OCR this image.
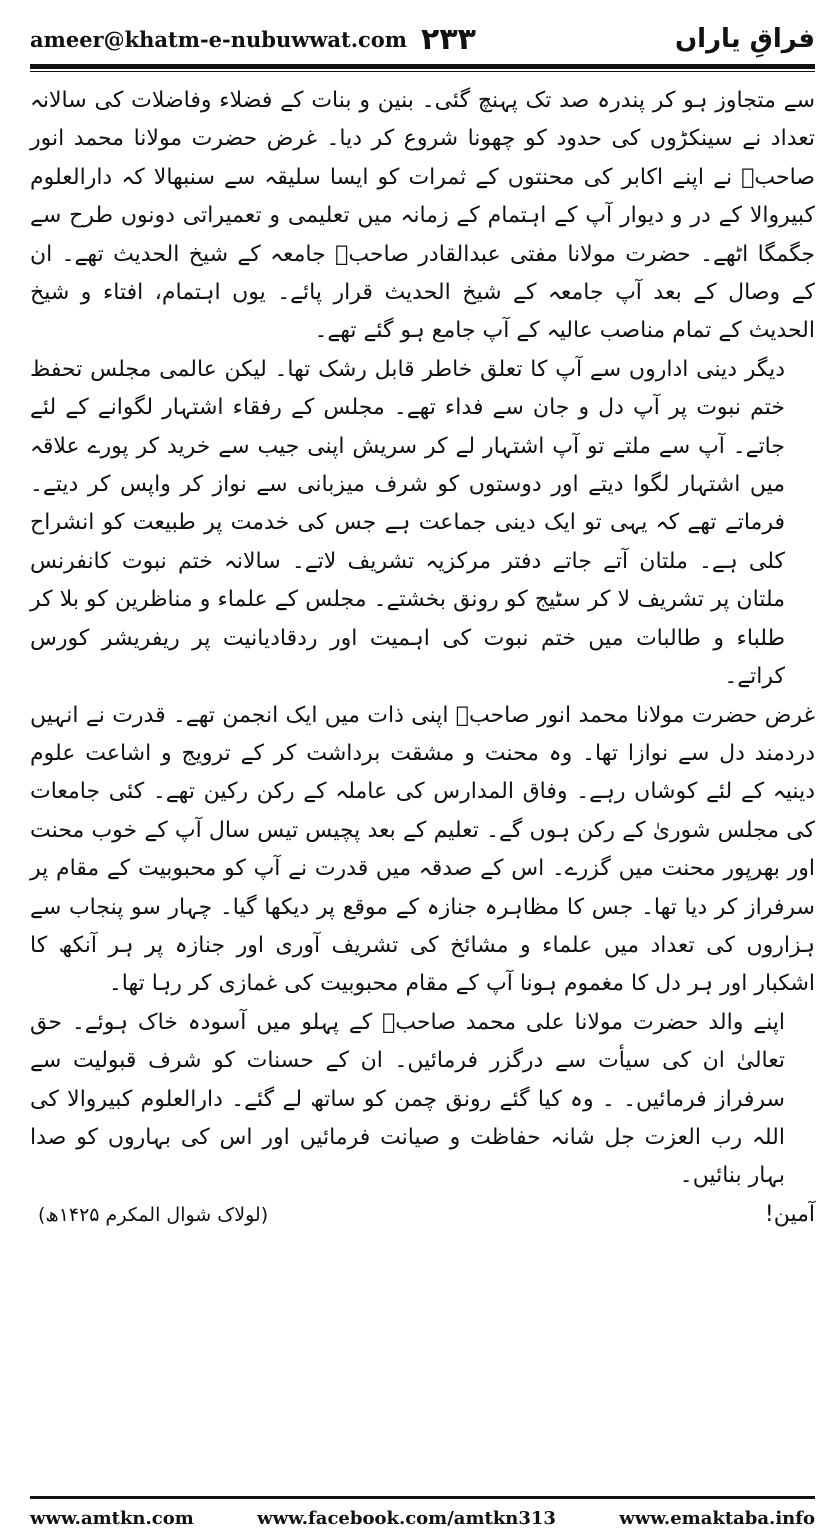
ameer@khatm-e-nubuwwat.com ۲۳۳	فراقِ یاراں

سے متجاوز ہو کر پندرہ صد تک پہنچ گئی۔ بنین و بنات کے فضلاء وفاضلات کی سالانہ تعداد نے سینکڑوں کی حدود کو چھونا شروع کر دیا۔ غرض حضرت مولانا محمد انور صاحبؒ نے اپنے اکابر کی محنتوں کے ثمرات کو ایسا سلیقہ سے سنبھالا کہ دارالعلوم کبیروالا کے در و دیوار آپ کے اہتمام کے زمانہ میں تعلیمی و تعمیراتی دونوں طرح سے جگمگا اٹھے۔ حضرت مولانا مفتی عبدالقادر صاحبؒ جامعہ کے شیخ الحدیث تھے۔ ان کے وصال کے بعد آپ جامعہ کے شیخ الحدیث قرار پائے۔ یوں اہتمام، افتاء و شیخ الحدیث کے تمام مناصب عالیہ کے آپ جامع ہو گئے تھے۔

دیگر دینی اداروں سے آپ کا تعلق خاطر قابل رشک تھا۔ لیکن عالمی مجلس تحفظ ختم نبوت پر آپ دل و جان سے فداء تھے۔ مجلس کے رفقاء اشتہار لگوانے کے لئے جاتے۔ آپ سے ملتے تو آپ اشتہار لے کر سریش اپنی جیب سے خرید کر پورے علاقہ میں اشتہار لگوا دیتے اور دوستوں کو شرف میزبانی سے نواز کر واپس کر دیتے۔ فرماتے تھے کہ یہی تو ایک دینی جماعت ہے جس کی خدمت پر طبیعت کو انشراح کلی ہے۔ ملتان آتے جاتے دفتر مرکزیہ تشریف لاتے۔ سالانہ ختم نبوت کانفرنس ملتان پر تشریف لا کر سٹیج کو رونق بخشتے۔ مجلس کے علماء و مناظرین کو بلا کر طلباء و طالبات میں ختم نبوت کی اہمیت اور ردقادیانیت پر ریفریشر کورس کراتے۔

غرض حضرت مولانا محمد انور صاحبؒ اپنی ذات میں ایک انجمن تھے۔ قدرت نے انہیں دردمند دل سے نوازا تھا۔ وہ محنت و مشقت برداشت کر کے ترویج و اشاعت علوم دینیہ کے لئے کوشاں رہے۔ وفاق المدارس کی عاملہ کے رکن رکین تھے۔ کئی جامعات کی مجلس شوریٰ کے رکن ہوں گے۔ تعلیم کے بعد پچیس تیس سال آپ کے خوب محنت اور بھرپور محنت میں گزرے۔ اس کے صدقہ میں قدرت نے آپ کو محبوبیت کے مقام پر سرفراز کر دیا تھا۔ جس کا مظاہرہ جنازہ کے موقع پر دیکھا گیا۔ چہار سو پنجاب سے ہزاروں کی تعداد میں علماء و مشائخ کی تشریف آوری اور جنازہ پر ہر آنکھ کا اشکبار اور ہر دل کا مغموم ہونا آپ کے مقام محبوبیت کی غمازی کر رہا تھا۔

اپنے والد حضرت مولانا علی محمد صاحبؒ کے پہلو میں آسودہ خاک ہوئے۔ حق تعالیٰ ان کی سیأت سے درگزر فرمائیں۔ ان کے حسنات کو شرف قبولیت سے سرفراز فرمائیں۔ ۔ وہ کیا گئے رونق چمن کو ساتھ لے گئے۔ دارالعلوم کبیروالا کی اللہ رب العزت جل شانہ حفاظت و صیانت فرمائیں اور اس کی بہاروں کو صدا بہار بنائیں۔

آمین!
(لولاک شوال المکرم ۱۴۲۵ھ)
www.amtkn.com	www.facebook.com/amtkn313	www.emaktaba.info
